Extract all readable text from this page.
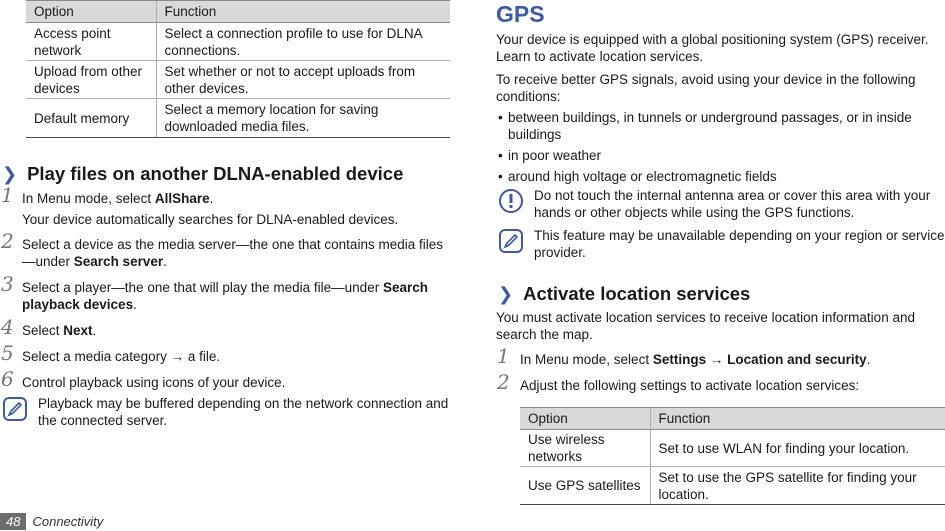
Option	Function
Access point network	Select a connection profile to use for DLNA connections.
Upload from other devices	Set whether or not to accept uploads from other devices.
Default memory	Select a memory location for saving downloaded media files.
❯ Play files on another DLNA-enabled device
1 In Menu mode, select AllShare.
Your device automatically searches for DLNA-enabled devices.
2 Select a device as the media server—the one that contains media files—under Search server.
3 Select a player—the one that will play the media file—under Search playback devices.
4 Select Next.
5 Select a media category → a file.
6 Control playback using icons of your device.
Playback may be buffered depending on the network connection and the connected server.
GPS

Your device is equipped with a global positioning system (GPS) receiver. Learn to activate location services.

To receive better GPS signals, avoid using your device in the following conditions:

• between buildings, in tunnels or underground passages, or in inside buildings
• in poor weather
• around high voltage or electromagnetic fields
Do not touch the internal antenna area or cover this area with your hands or other objects while using the GPS functions.
This feature may be unavailable depending on your region or service provider.
❯ Activate location services

You must activate location services to receive location information and search the map.

1 In Menu mode, select Settings → Location and security.
2 Adjust the following settings to activate location services:
Option	Function
Use wireless networks	Set to use WLAN for finding your location.
Use GPS satellites	Set to use the GPS satellite for finding your location.
48 Connectivity
